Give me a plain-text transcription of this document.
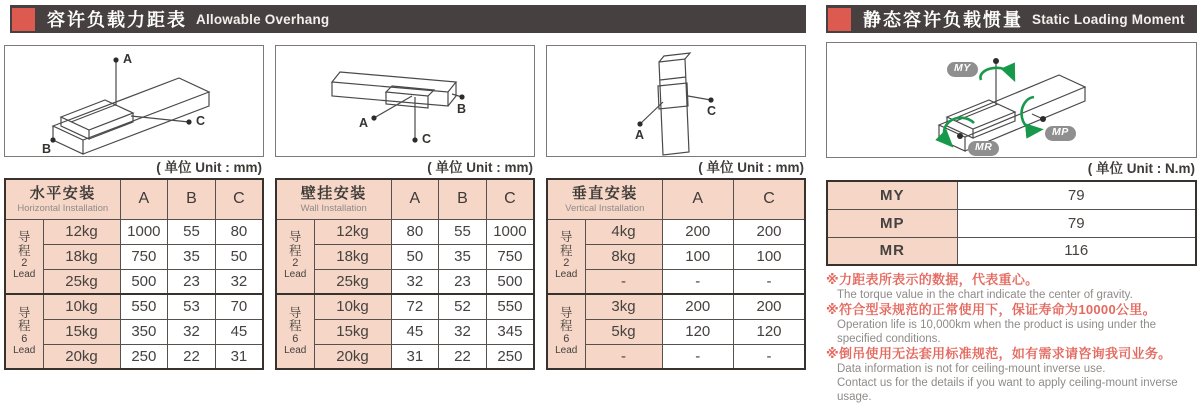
容许负载力距表 Allowable Overhang
A
B
C
( 单位 Unit : mm)
水平安装
Horizontal Installation		A	B	C

导
程
2
Lead	12kg	1000	55	80
	18kg	750	35	50
	25kg	500	23	32

导
程
6
Lead	10kg	550	53	70
	15kg	350	32	45
	20kg	250	22	31
A
B
C
( 单位 Unit : mm)
壁挂安装
Wall Installation		A	B	C

导
程
2
Lead	12kg	80	55	1000
	18kg	50	35	750
	25kg	32	23	500

导
程
6
Lead	10kg	72	52	550
	15kg	45	32	345
	20kg	31	22	250
A
C
( 单位 Unit : mm)
垂直安装
Vertical Installation		A	C

导
程
2
Lead	4kg	200	200
	8kg	100	100
	-	-	-

导
程
6
Lead	3kg	200	200
	5kg	120	120
	-	-	-
静态容许负载惯量 Static Loading Moment
MY
MP
MR
( 单位 Unit : N.m)
MY	79
MP	79
MR	116
※力距表所表示的数据，代表重心。
The torque value in the chart indicate the center of gravity.
※符合型录规范的正常使用下，保证寿命为10000公里。
Operation life is 10,000km when the product is using under the specified conditions.
※倒吊使用无法套用标准规范，如有需求请咨询我司业务。
Data information is not for ceiling-mount inverse use.
Contact us for the details if you want to apply ceiling-mount inverse usage.
